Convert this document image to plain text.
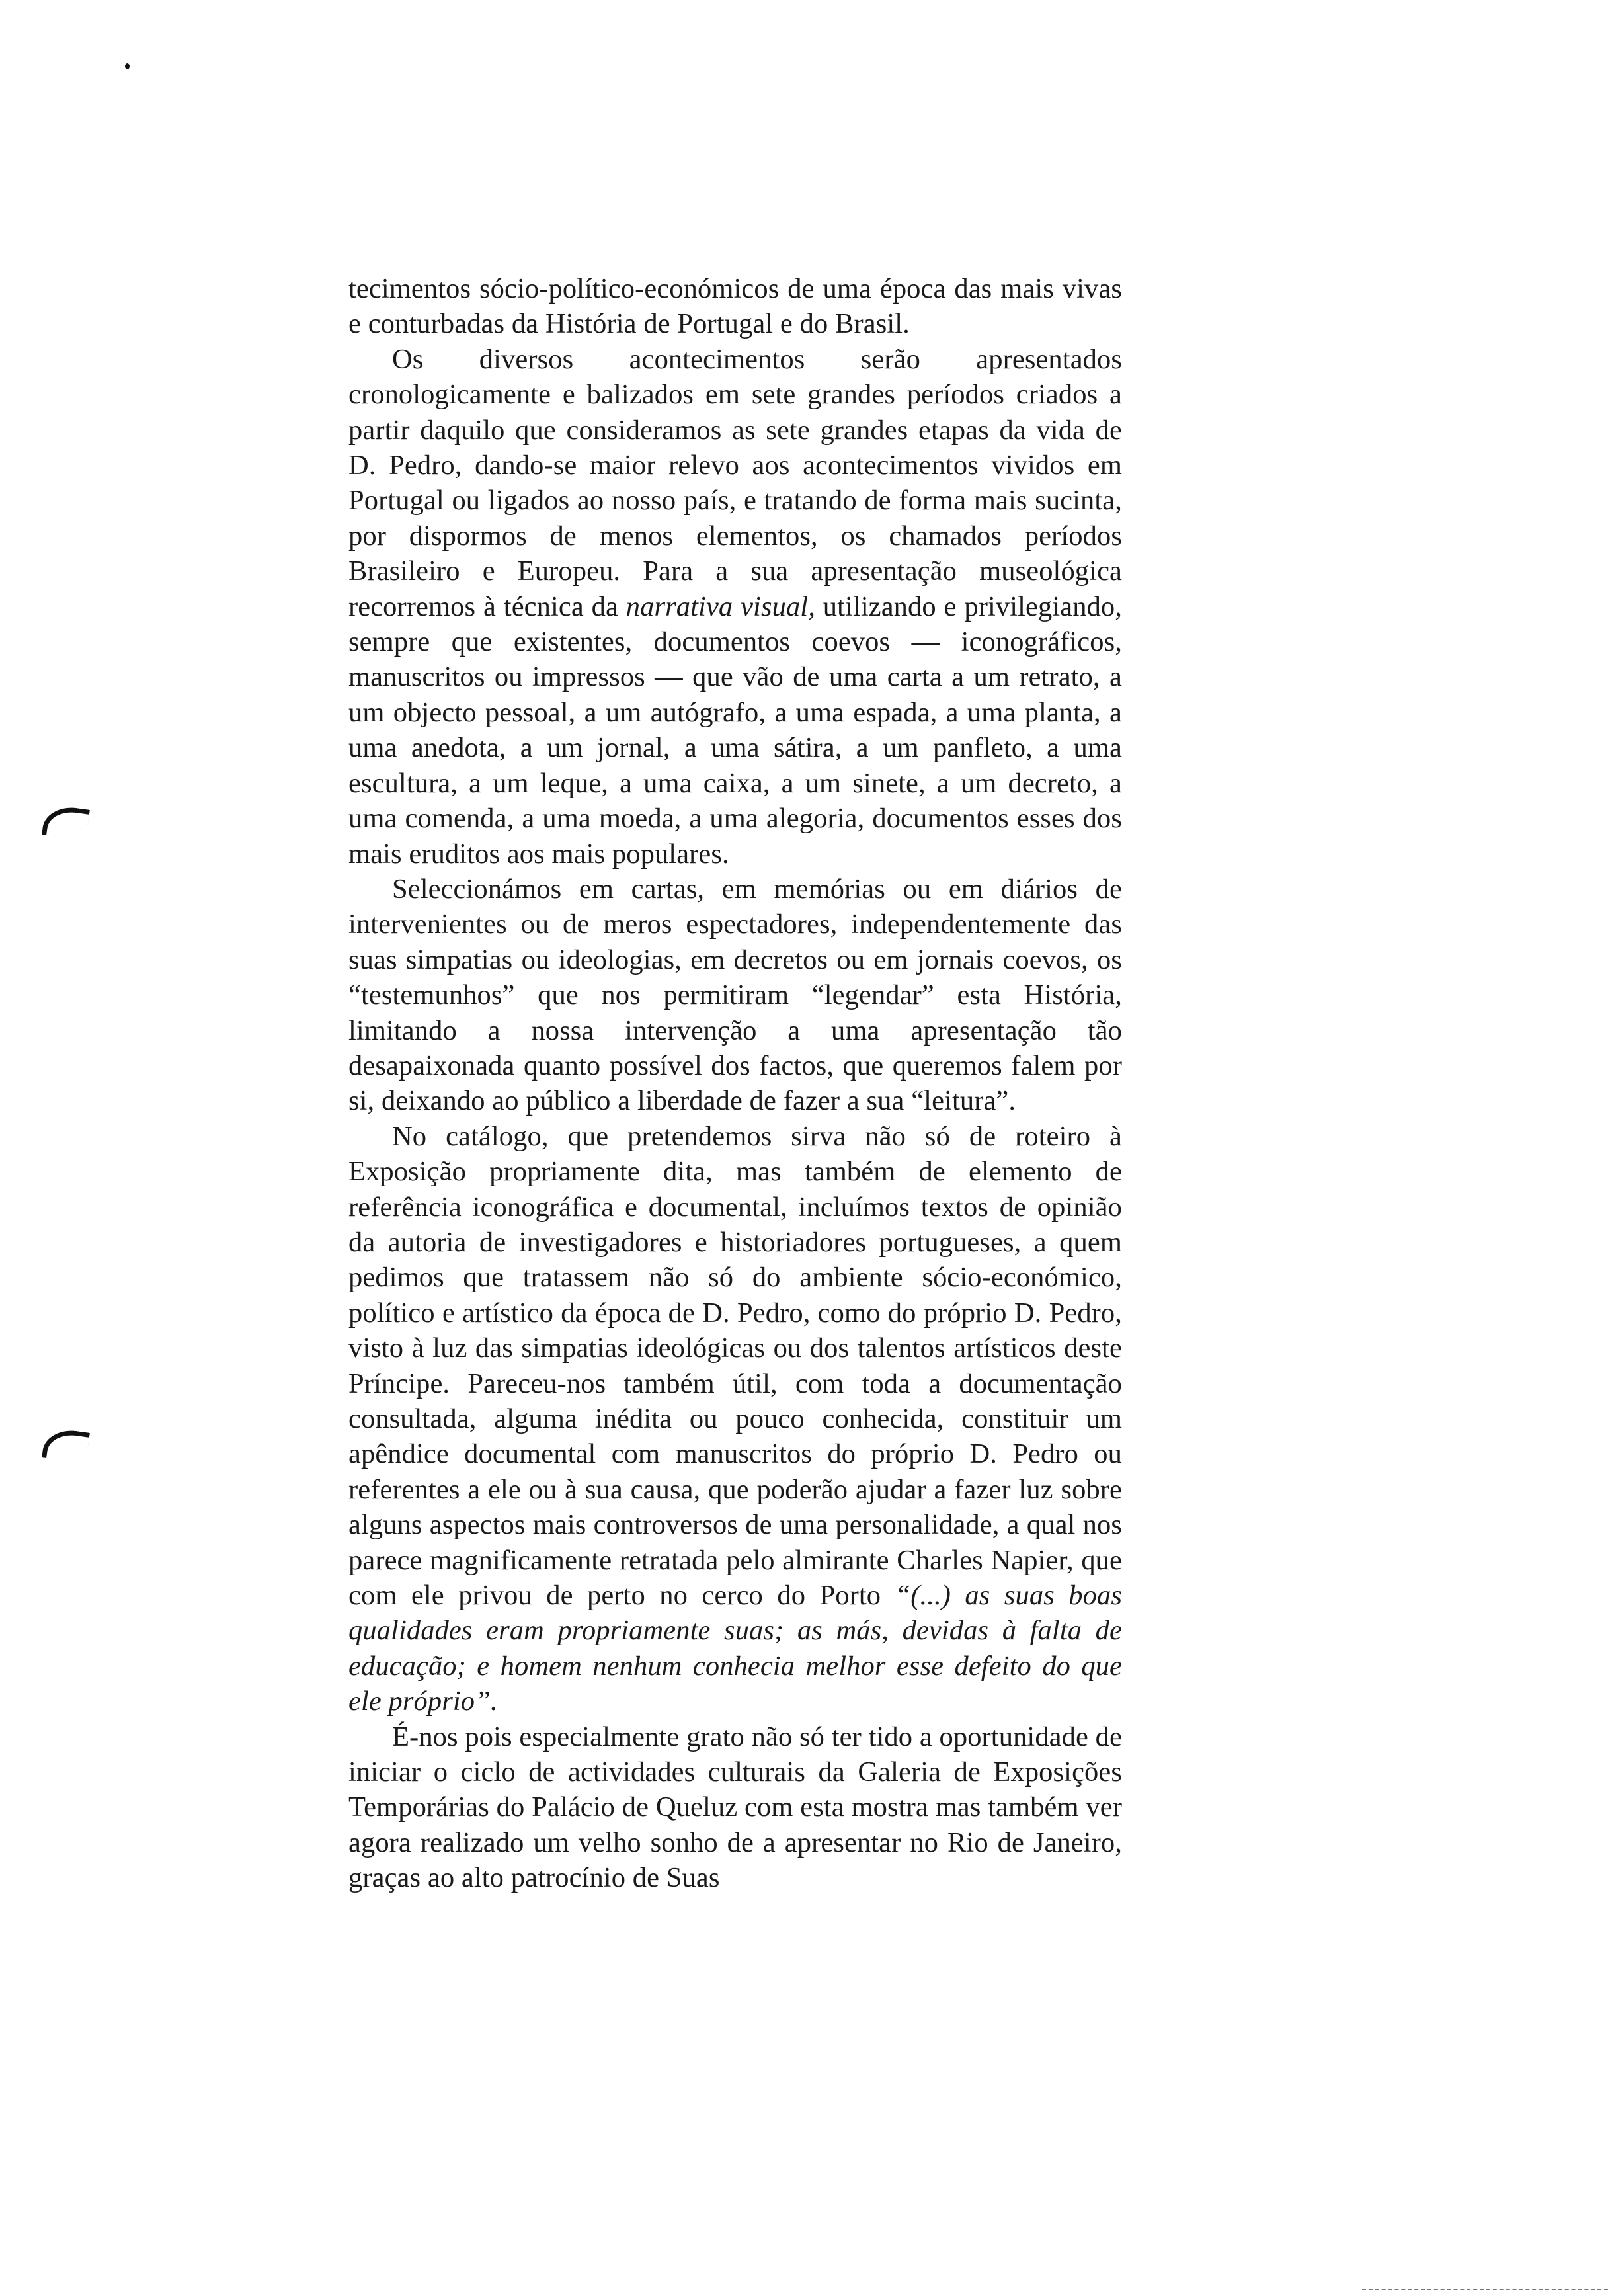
tecimentos sócio-político-económicos de uma época das mais vivas e conturbadas da História de Portugal e do Brasil.

Os diversos acontecimentos serão apresentados cronologicamente e balizados em sete grandes períodos criados a partir daquilo que consideramos as sete grandes etapas da vida de D. Pedro, dando-se maior relevo aos acontecimentos vividos em Portugal ou ligados ao nosso país, e tratando de forma mais sucinta, por dispormos de menos elementos, os chamados períodos Brasileiro e Europeu. Para a sua apresentação museológica recorremos à técnica da narrativa visual, utilizando e privilegiando, sempre que existentes, documentos coevos — iconográficos, manuscritos ou impressos — que vão de uma carta a um retrato, a um objecto pessoal, a um autógrafo, a uma espada, a uma planta, a uma anedota, a um jornal, a uma sátira, a um panfleto, a uma escultura, a um leque, a uma caixa, a um sinete, a um decreto, a uma comenda, a uma moeda, a uma alegoria, documentos esses dos mais eruditos aos mais populares.

Seleccionámos em cartas, em memórias ou em diários de intervenientes ou de meros espectadores, independentemente das suas simpatias ou ideologias, em decretos ou em jornais coevos, os “testemunhos” que nos permitiram “legendar” esta História, limitando a nossa intervenção a uma apresentação tão desapaixonada quanto possível dos factos, que queremos falem por si, deixando ao público a liberdade de fazer a sua “leitura”.

No catálogo, que pretendemos sirva não só de roteiro à Exposição propriamente dita, mas também de elemento de referência iconográfica e documental, incluímos textos de opinião da autoria de investigadores e historiadores portugueses, a quem pedimos que tratassem não só do ambiente sócio-económico, político e artístico da época de D. Pedro, como do próprio D. Pedro, visto à luz das simpatias ideológicas ou dos talentos artísticos deste Príncipe. Pareceu-nos também útil, com toda a documentação consultada, alguma inédita ou pouco conhecida, constituir um apêndice documental com manuscritos do próprio D. Pedro ou referentes a ele ou à sua causa, que poderão ajudar a fazer luz sobre alguns aspectos mais controversos de uma personalidade, a qual nos parece magnificamente retratada pelo almirante Charles Napier, que com ele privou de perto no cerco do Porto “(...) as suas boas qualidades eram propriamente suas; as más, devidas à falta de educação; e homem nenhum conhecia melhor esse defeito do que ele próprio”.

É-nos pois especialmente grato não só ter tido a oportunidade de iniciar o ciclo de actividades culturais da Galeria de Exposições Temporárias do Palácio de Queluz com esta mostra mas também ver agora realizado um velho sonho de a apresentar no Rio de Janeiro, graças ao alto patrocínio de Suas
